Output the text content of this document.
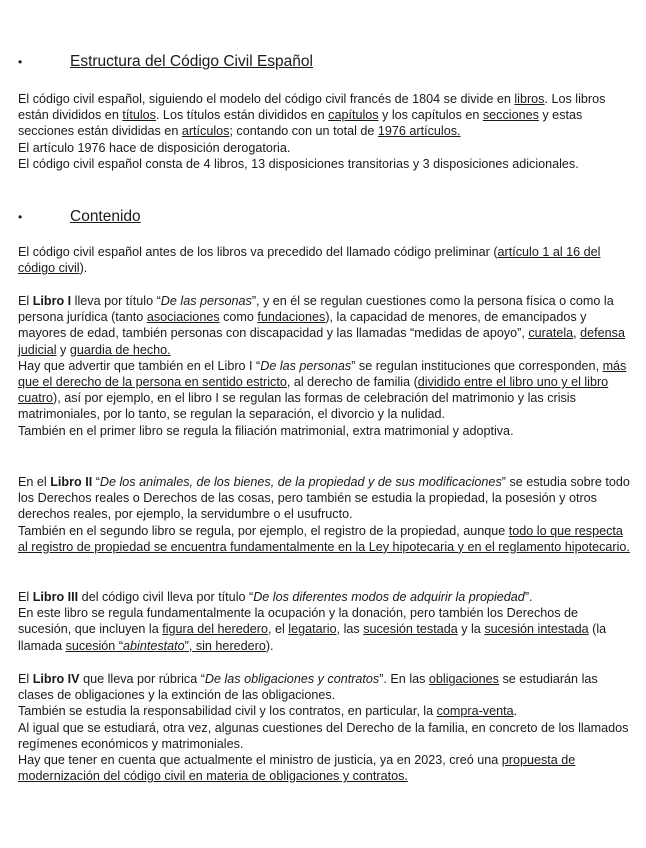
•	Estructura del Código Civil Español

El código civil español, siguiendo el modelo del código civil francés de 1804 se divide en libros. Los libros están divididos en títulos. Los títulos están divididos en capítulos y los capítulos en secciones y estas secciones están divididas en artículos; contando con un total de 1976 artículos.

El artículo 1976 hace de disposición derogatoria.

El código civil español consta de 4 libros, 13 disposiciones transitorias y 3 disposiciones adicionales.

•	Contenido

El código civil español antes de los libros va precedido del llamado código preliminar (artículo 1 al 16 del código civil).

El Libro I lleva por título “De las personas”, y en él se regulan cuestiones como la persona física o como la persona jurídica (tanto asociaciones como fundaciones), la capacidad de menores, de emancipados y mayores de edad, también personas con discapacidad y las llamadas “medidas de apoyo”, curatela, defensa judicial y guardia de hecho.

Hay que advertir que también en el Libro I “De las personas” se regulan instituciones que corresponden, más que el derecho de la persona en sentido estricto, al derecho de familia (dividido entre el libro uno y el libro cuatro), así por ejemplo, en el libro I se regulan las formas de celebración del matrimonio y las crisis matrimoniales, por lo tanto, se regulan la separación, el divorcio y la nulidad.

También en el primer libro se regula la filiación matrimonial, extra matrimonial y adoptiva.

En el Libro II “De los animales, de los bienes, de la propiedad y de sus modificaciones” se estudia sobre todo los Derechos reales o Derechos de las cosas, pero también se estudia la propiedad, la posesión y otros derechos reales, por ejemplo, la servidumbre o el usufructo.

También en el segundo libro se regula, por ejemplo, el registro de la propiedad, aunque todo lo que respecta al registro de propiedad se encuentra fundamentalmente en la Ley hipotecaria y en el reglamento hipotecario.

El Libro III del código civil lleva por título “De los diferentes modos de adquirir la propiedad”.

En este libro se regula fundamentalmente la ocupación y la donación, pero también los Derechos de sucesión, que incluyen la figura del heredero, el legatario, las sucesión testada y la sucesión intestada (la llamada sucesión “abintestato”, sin heredero).

El Libro IV que lleva por rúbrica “De las obligaciones y contratos”. En las obligaciones se estudiarán las clases de obligaciones y la extinción de las obligaciones.

También se estudia la responsabilidad civil y los contratos, en particular, la compra-venta.

Al igual que se estudiará, otra vez, algunas cuestiones del Derecho de la familia, en concreto de los llamados regímenes económicos y matrimoniales.

Hay que tener en cuenta que actualmente el ministro de justicia, ya en 2023, creó una propuesta de modernización del código civil en materia de obligaciones y contratos.
